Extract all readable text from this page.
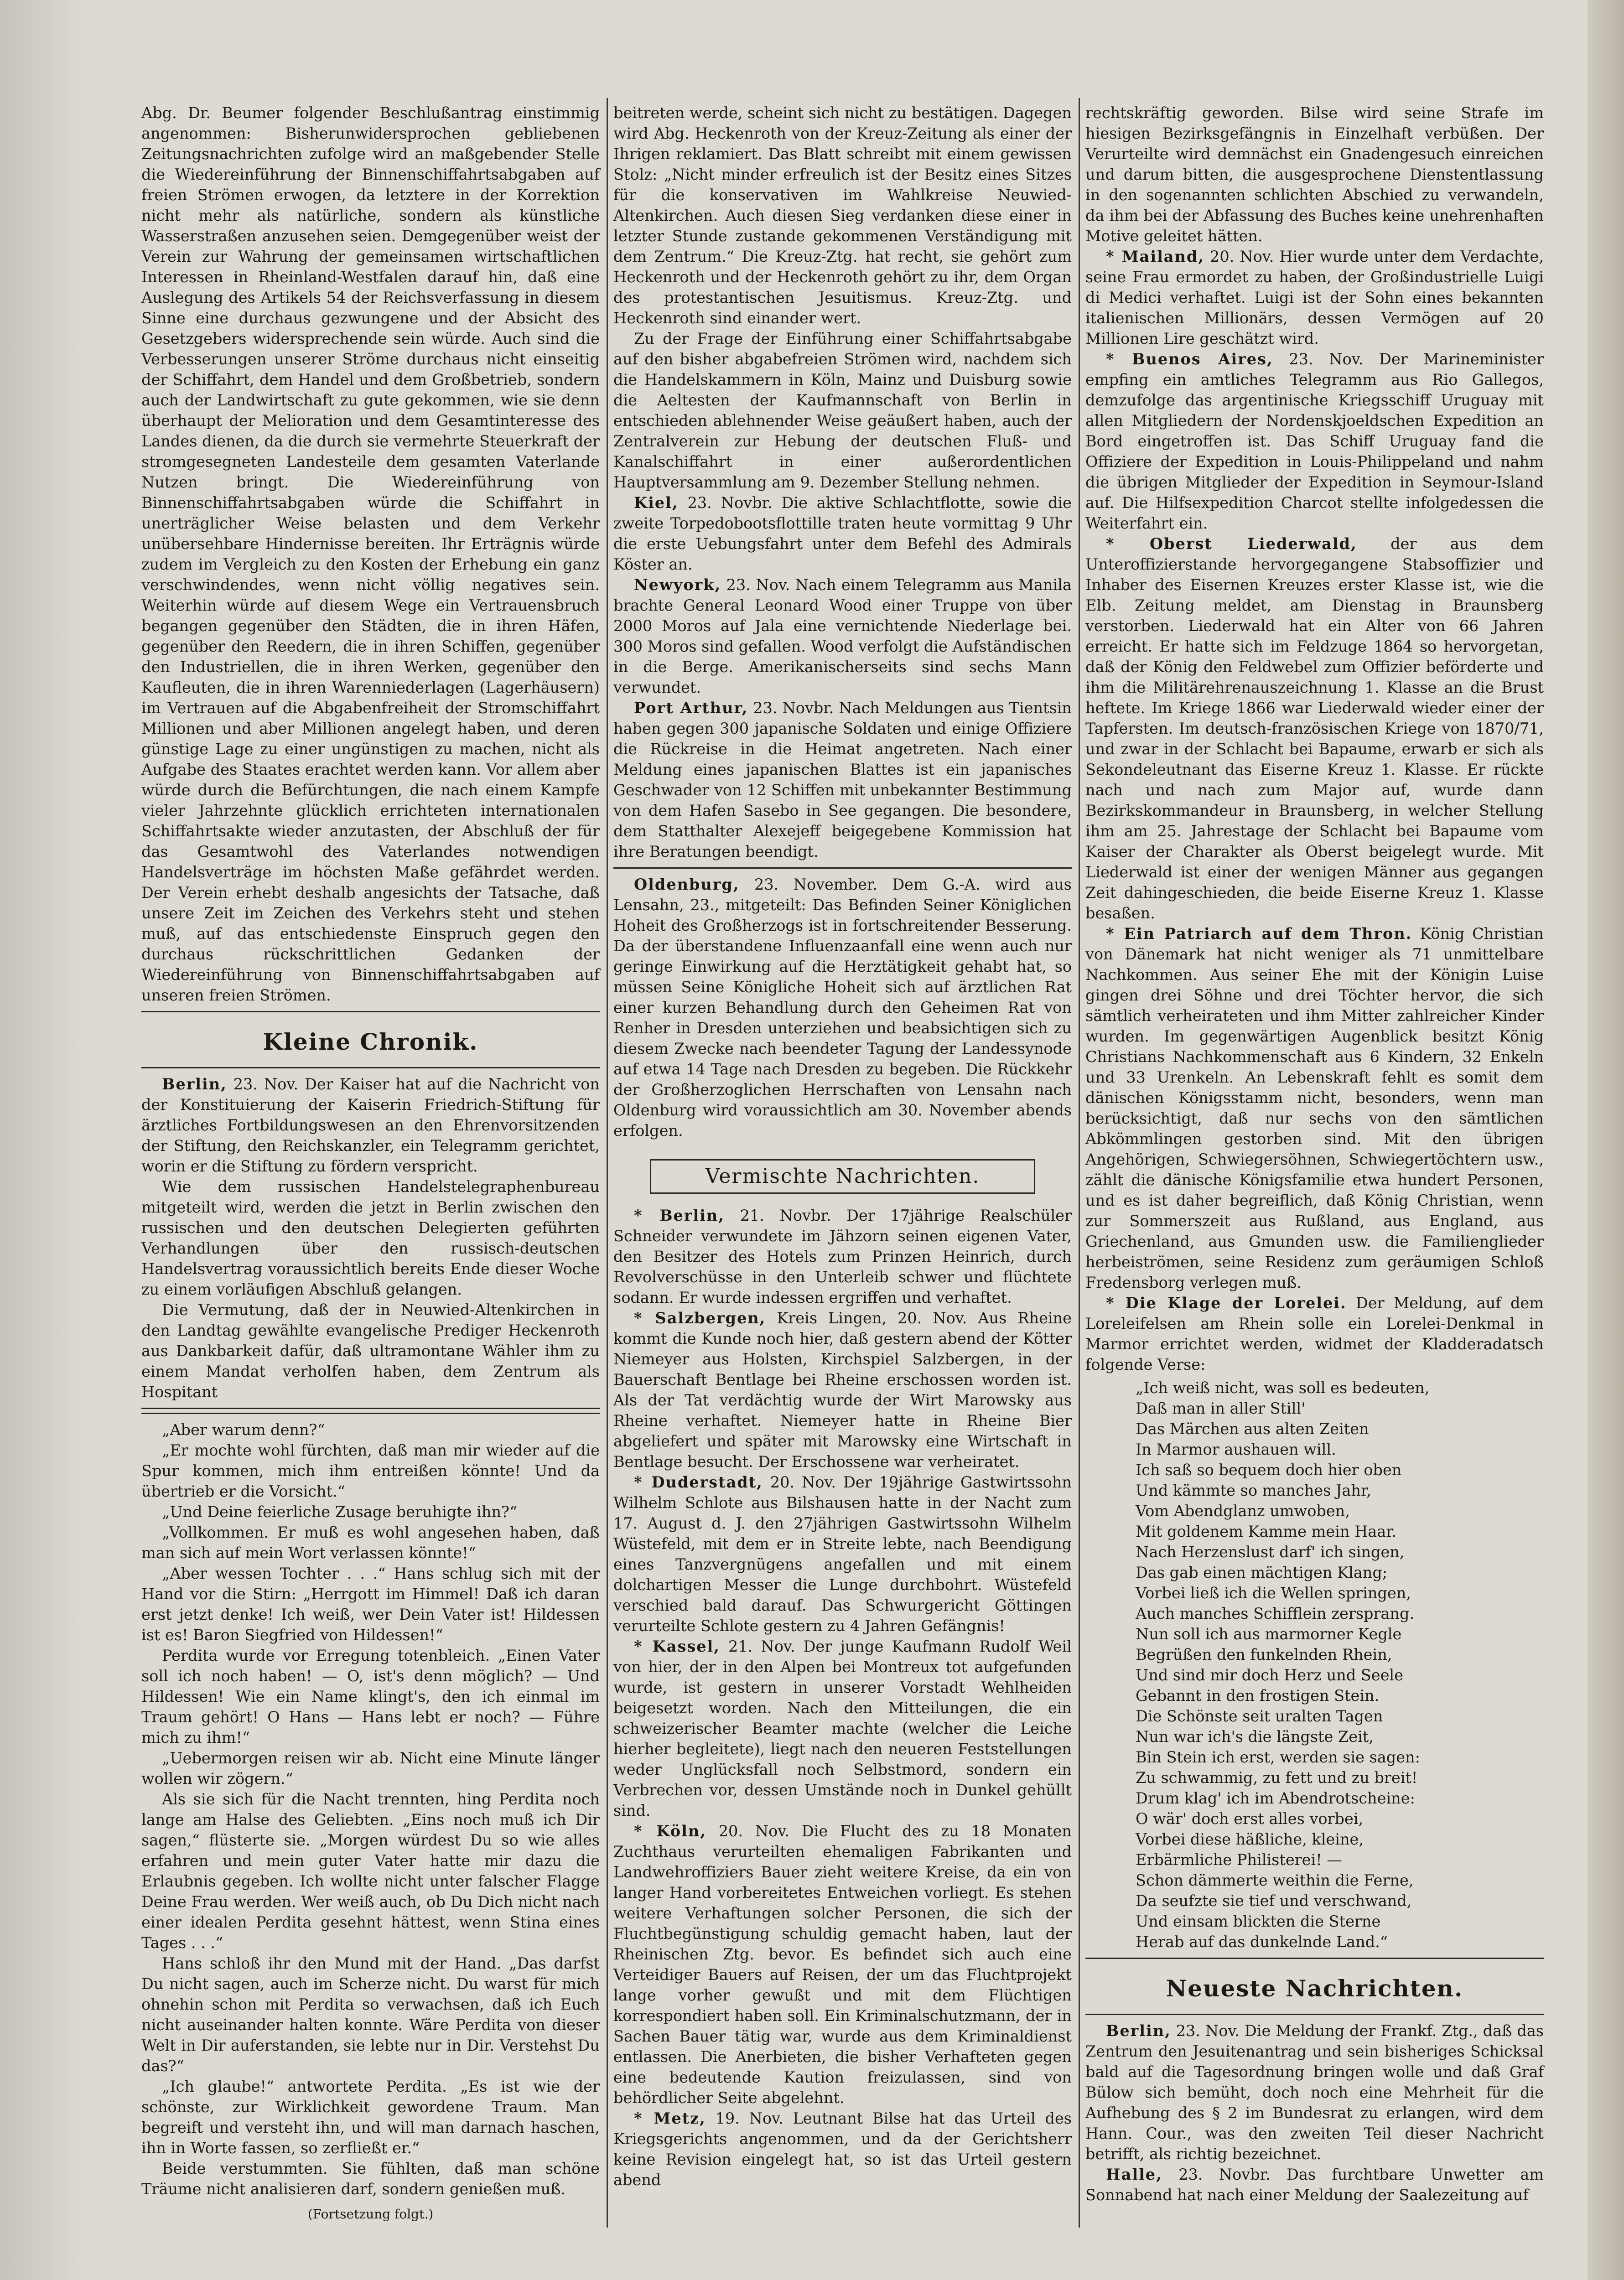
Abg. Dr. Beumer folgender Beschlußantrag einstimmig angenommen: Bisherunwidersprochen gebliebenen Zeitungsnachrichten zufolge wird an maßgebender Stelle die Wiedereinführung der Binnenschiffahrtsabgaben auf freien Strömen erwogen, da letztere in der Korrektion nicht mehr als natürliche, sondern als künstliche Wasserstraßen anzusehen seien. Demgegenüber weist der Verein zur Wahrung der gemeinsamen wirtschaftlichen Interessen in Rheinland-Westfalen darauf hin, daß eine Auslegung des Artikels 54 der Reichsverfassung in diesem Sinne eine durchaus gezwungene und der Absicht des Gesetzgebers widersprechende sein würde. Auch sind die Verbesserungen unserer Ströme durchaus nicht einseitig der Schiffahrt, dem Handel und dem Großbetrieb, sondern auch der Landwirtschaft zu gute gekommen, wie sie denn überhaupt der Melioration und dem Gesamtinteresse des Landes dienen, da die durch sie vermehrte Steuerkraft der stromgesegneten Landesteile dem gesamten Vaterlande Nutzen bringt. Die Wiedereinführung von Binnenschiffahrtsabgaben würde die Schiffahrt in unerträglicher Weise belasten und dem Verkehr unübersehbare Hindernisse bereiten. Ihr Erträgnis würde zudem im Vergleich zu den Kosten der Erhebung ein ganz verschwindendes, wenn nicht völlig negatives sein. Weiterhin würde auf diesem Wege ein Vertrauensbruch begangen gegenüber den Städten, die in ihren Häfen, gegenüber den Reedern, die in ihren Schiffen, gegenüber den Industriellen, die in ihren Werken, gegenüber den Kaufleuten, die in ihren Warenniederlagen (Lagerhäusern) im Vertrauen auf die Abgabenfreiheit der Stromschiffahrt Millionen und aber Millionen angelegt haben, und deren günstige Lage zu einer ungünstigen zu machen, nicht als Aufgabe des Staates erachtet werden kann. Vor allem aber würde durch die Befürchtungen, die nach einem Kampfe vieler Jahrzehnte glücklich errichteten internationalen Schiffahrtsakte wieder anzutasten, der Abschluß der für das Gesamtwohl des Vaterlandes notwendigen Handelsverträge im höchsten Maße gefährdet werden. Der Verein erhebt deshalb angesichts der Tatsache, daß unsere Zeit im Zeichen des Verkehrs steht und stehen muß, auf das entschiedenste Einspruch gegen den durchaus rückschrittlichen Gedanken der Wiedereinführung von Binnenschiffahrtsabgaben auf unseren freien Strömen.

Kleine Chronik.

Berlin, 23. Nov. Der Kaiser hat auf die Nachricht von der Konstituierung der Kaiserin Friedrich-Stiftung für ärztliches Fortbildungswesen an den Ehrenvorsitzenden der Stiftung, den Reichskanzler, ein Telegramm gerichtet, worin er die Stiftung zu fördern verspricht.

Wie dem russischen Handelstelegraphenbureau mitgeteilt wird, werden die jetzt in Berlin zwischen den russischen und den deutschen Delegierten geführten Verhandlungen über den russisch-deutschen Handelsvertrag voraussichtlich bereits Ende dieser Woche zu einem vorläufigen Abschluß gelangen.

Die Vermutung, daß der in Neuwied-Altenkirchen in den Landtag gewählte evangelische Prediger Heckenroth aus Dankbarkeit dafür, daß ultramontane Wähler ihm zu einem Mandat verholfen haben, dem Zentrum als Hospitant

„Aber warum denn?“

„Er mochte wohl fürchten, daß man mir wieder auf die Spur kommen, mich ihm entreißen könnte! Und da übertrieb er die Vorsicht.“

„Und Deine feierliche Zusage beruhigte ihn?“

„Vollkommen. Er muß es wohl angesehen haben, daß man sich auf mein Wort verlassen könnte!“

„Aber wessen Tochter . . .“ Hans schlug sich mit der Hand vor die Stirn: „Herrgott im Himmel! Daß ich daran erst jetzt denke! Ich weiß, wer Dein Vater ist! Hildessen ist es! Baron Siegfried von Hildessen!“

Perdita wurde vor Erregung totenbleich. „Einen Vater soll ich noch haben! — O, ist's denn möglich? — Und Hildessen! Wie ein Name klingt's, den ich einmal im Traum gehört! O Hans — Hans lebt er noch? — Führe mich zu ihm!“

„Uebermorgen reisen wir ab. Nicht eine Minute länger wollen wir zögern.“

Als sie sich für die Nacht trennten, hing Perdita noch lange am Halse des Geliebten. „Eins noch muß ich Dir sagen,“ flüsterte sie. „Morgen würdest Du so wie alles erfahren und mein guter Vater hatte mir dazu die Erlaubnis gegeben. Ich wollte nicht unter falscher Flagge Deine Frau werden. Wer weiß auch, ob Du Dich nicht nach einer idealen Perdita gesehnt hättest, wenn Stina eines Tages . . .“

Hans schloß ihr den Mund mit der Hand. „Das darfst Du nicht sagen, auch im Scherze nicht. Du warst für mich ohnehin schon mit Perdita so verwachsen, daß ich Euch nicht auseinander halten konnte. Wäre Perdita von dieser Welt in Dir auferstanden, sie lebte nur in Dir. Verstehst Du das?“

„Ich glaube!“ antwortete Perdita. „Es ist wie der schönste, zur Wirklichkeit gewordene Traum. Man begreift und versteht ihn, und will man darnach haschen, ihn in Worte fassen, so zerfließt er.“

Beide verstummten. Sie fühlten, daß man schöne Träume nicht analisieren darf, sondern genießen muß.

(Fortsetzung folgt.)

beitreten werde, scheint sich nicht zu bestätigen. Dagegen wird Abg. Heckenroth von der Kreuz-Zeitung als einer der Ihrigen reklamiert. Das Blatt schreibt mit einem gewissen Stolz: „Nicht minder erfreulich ist der Besitz eines Sitzes für die konservativen im Wahlkreise Neuwied-Altenkirchen. Auch diesen Sieg verdanken diese einer in letzter Stunde zustande gekommenen Verständigung mit dem Zentrum.“ Die Kreuz-Ztg. hat recht, sie gehört zum Heckenroth und der Heckenroth gehört zu ihr, dem Organ des protestantischen Jesuitismus. Kreuz-Ztg. und Heckenroth sind einander wert.

Zu der Frage der Einführung einer Schiffahrtsabgabe auf den bisher abgabefreien Strömen wird, nachdem sich die Handelskammern in Köln, Mainz und Duisburg sowie die Aeltesten der Kaufmannschaft von Berlin in entschieden ablehnender Weise geäußert haben, auch der Zentralverein zur Hebung der deutschen Fluß- und Kanalschiffahrt in einer außerordentlichen Hauptversammlung am 9. Dezember Stellung nehmen.

Kiel, 23. Novbr. Die aktive Schlachtflotte, sowie die zweite Torpedobootsflottille traten heute vormittag 9 Uhr die erste Uebungsfahrt unter dem Befehl des Admirals Köster an.

Newyork, 23. Nov. Nach einem Telegramm aus Manila brachte General Leonard Wood einer Truppe von über 2000 Moros auf Jala eine vernichtende Niederlage bei. 300 Moros sind gefallen. Wood verfolgt die Aufständischen in die Berge. Amerikanischerseits sind sechs Mann verwundet.

Port Arthur, 23. Novbr. Nach Meldungen aus Tientsin haben gegen 300 japanische Soldaten und einige Offiziere die Rückreise in die Heimat angetreten. Nach einer Meldung eines japanischen Blattes ist ein japanisches Geschwader von 12 Schiffen mit unbekannter Bestimmung von dem Hafen Sasebo in See gegangen. Die besondere, dem Statthalter Alexejeff beigegebene Kommission hat ihre Beratungen beendigt.

Oldenburg, 23. November. Dem G.-A. wird aus Lensahn, 23., mitgeteilt: Das Befinden Seiner Königlichen Hoheit des Großherzogs ist in fortschreitender Besserung. Da der überstandene Influenzaanfall eine wenn auch nur geringe Einwirkung auf die Herztätigkeit gehabt hat, so müssen Seine Königliche Hoheit sich auf ärztlichen Rat einer kurzen Behandlung durch den Geheimen Rat von Renher in Dresden unterziehen und beabsichtigen sich zu diesem Zwecke nach beendeter Tagung der Landessynode auf etwa 14 Tage nach Dresden zu begeben. Die Rückkehr der Großherzoglichen Herrschaften von Lensahn nach Oldenburg wird voraussichtlich am 30. November abends erfolgen.

Vermischte Nachrichten.

* Berlin, 21. Novbr. Der 17jährige Realschüler Schneider verwundete im Jähzorn seinen eigenen Vater, den Besitzer des Hotels zum Prinzen Heinrich, durch Revolverschüsse in den Unterleib schwer und flüchtete sodann. Er wurde indessen ergriffen und verhaftet.

* Salzbergen, Kreis Lingen, 20. Nov. Aus Rheine kommt die Kunde noch hier, daß gestern abend der Kötter Niemeyer aus Holsten, Kirchspiel Salzbergen, in der Bauerschaft Bentlage bei Rheine erschossen worden ist. Als der Tat verdächtig wurde der Wirt Marowsky aus Rheine verhaftet. Niemeyer hatte in Rheine Bier abgeliefert und später mit Marowsky eine Wirtschaft in Bentlage besucht. Der Erschossene war verheiratet.

* Duderstadt, 20. Nov. Der 19jährige Gastwirtssohn Wilhelm Schlote aus Bilshausen hatte in der Nacht zum 17. August d. J. den 27jährigen Gastwirtssohn Wilhelm Wüstefeld, mit dem er in Streite lebte, nach Beendigung eines Tanzvergnügens angefallen und mit einem dolchartigen Messer die Lunge durchbohrt. Wüstefeld verschied bald darauf. Das Schwurgericht Göttingen verurteilte Schlote gestern zu 4 Jahren Gefängnis!

* Kassel, 21. Nov. Der junge Kaufmann Rudolf Weil von hier, der in den Alpen bei Montreux tot aufgefunden wurde, ist gestern in unserer Vorstadt Wehlheiden beigesetzt worden. Nach den Mitteilungen, die ein schweizerischer Beamter machte (welcher die Leiche hierher begleitete), liegt nach den neueren Feststellungen weder Unglücksfall noch Selbstmord, sondern ein Verbrechen vor, dessen Umstände noch in Dunkel gehüllt sind.

* Köln, 20. Nov. Die Flucht des zu 18 Monaten Zuchthaus verurteilten ehemaligen Fabrikanten und Landwehroffiziers Bauer zieht weitere Kreise, da ein von langer Hand vorbereitetes Entweichen vorliegt. Es stehen weitere Verhaftungen solcher Personen, die sich der Fluchtbegünstigung schuldig gemacht haben, laut der Rheinischen Ztg. bevor. Es befindet sich auch eine Verteidiger Bauers auf Reisen, der um das Fluchtprojekt lange vorher gewußt und mit dem Flüchtigen korrespondiert haben soll. Ein Kriminalschutzmann, der in Sachen Bauer tätig war, wurde aus dem Kriminaldienst entlassen. Die Anerbieten, die bisher Verhafteten gegen eine bedeutende Kaution freizulassen, sind von behördlicher Seite abgelehnt.

* Metz, 19. Nov. Leutnant Bilse hat das Urteil des Kriegsgerichts angenommen, und da der Gerichtsherr keine Revision eingelegt hat, so ist das Urteil gestern abend

rechtskräftig geworden. Bilse wird seine Strafe im hiesigen Bezirksgefängnis in Einzelhaft verbüßen. Der Verurteilte wird demnächst ein Gnadengesuch einreichen und darum bitten, die ausgesprochene Dienstentlassung in den sogenannten schlichten Abschied zu verwandeln, da ihm bei der Abfassung des Buches keine unehrenhaften Motive geleitet hätten.

* Mailand, 20. Nov. Hier wurde unter dem Verdachte, seine Frau ermordet zu haben, der Großindustrielle Luigi di Medici verhaftet. Luigi ist der Sohn eines bekannten italienischen Millionärs, dessen Vermögen auf 20 Millionen Lire geschätzt wird.

* Buenos Aires, 23. Nov. Der Marineminister empfing ein amtliches Telegramm aus Rio Gallegos, demzufolge das argentinische Kriegsschiff Uruguay mit allen Mitgliedern der Nordenskjoeldschen Expedition an Bord eingetroffen ist. Das Schiff Uruguay fand die Offiziere der Expedition in Louis-Philippeland und nahm die übrigen Mitglieder der Expedition in Seymour-Island auf. Die Hilfsexpedition Charcot stellte infolgedessen die Weiterfahrt ein.

* Oberst Liederwald, der aus dem Unteroffizierstande hervorgegangene Stabsoffizier und Inhaber des Eisernen Kreuzes erster Klasse ist, wie die Elb. Zeitung meldet, am Dienstag in Braunsberg verstorben. Liederwald hat ein Alter von 66 Jahren erreicht. Er hatte sich im Feldzuge 1864 so hervorgetan, daß der König den Feldwebel zum Offizier beförderte und ihm die Militärehrenauszeichnung 1. Klasse an die Brust heftete. Im Kriege 1866 war Liederwald wieder einer der Tapfersten. Im deutsch-französischen Kriege von 1870/71, und zwar in der Schlacht bei Bapaume, erwarb er sich als Sekondeleutnant das Eiserne Kreuz 1. Klasse. Er rückte nach und nach zum Major auf, wurde dann Bezirkskommandeur in Braunsberg, in welcher Stellung ihm am 25. Jahrestage der Schlacht bei Bapaume vom Kaiser der Charakter als Oberst beigelegt wurde. Mit Liederwald ist einer der wenigen Männer aus gegangen Zeit dahingeschieden, die beide Eiserne Kreuz 1. Klasse besaßen.

* Ein Patriarch auf dem Thron. König Christian von Dänemark hat nicht weniger als 71 unmittelbare Nachkommen. Aus seiner Ehe mit der Königin Luise gingen drei Söhne und drei Töchter hervor, die sich sämtlich verheirateten und ihm Mitter zahlreicher Kinder wurden. Im gegenwärtigen Augenblick besitzt König Christians Nachkommenschaft aus 6 Kindern, 32 Enkeln und 33 Urenkeln. An Lebenskraft fehlt es somit dem dänischen Königsstamm nicht, besonders, wenn man berücksichtigt, daß nur sechs von den sämtlichen Abkömmlingen gestorben sind. Mit den übrigen Angehörigen, Schwiegersöhnen, Schwiegertöchtern usw., zählt die dänische Königsfamilie etwa hundert Personen, und es ist daher begreiflich, daß König Christian, wenn zur Sommerszeit aus Rußland, aus England, aus Griechenland, aus Gmunden usw. die Familienglieder herbeiströmen, seine Residenz zum geräumigen Schloß Fredensborg verlegen muß.

* Die Klage der Lorelei. Der Meldung, auf dem Loreleifelsen am Rhein solle ein Lorelei-Denkmal in Marmor errichtet werden, widmet der Kladderadatsch folgende Verse:

„Ich weiß nicht, was soll es bedeuten,
Daß man in aller Still'
Das Märchen aus alten Zeiten
In Marmor aushauen will.
Ich saß so bequem doch hier oben
Und kämmte so manches Jahr,
Vom Abendglanz umwoben,
Mit goldenem Kamme mein Haar.
Nach Herzenslust darf' ich singen,
Das gab einen mächtigen Klang;
Vorbei ließ ich die Wellen springen,
Auch manches Schifflein zersprang.
Nun soll ich aus marmorner Kegle
Begrüßen den funkelnden Rhein,
Und sind mir doch Herz und Seele
Gebannt in den frostigen Stein.
Die Schönste seit uralten Tagen
Nun war ich's die längste Zeit,
Bin Stein ich erst, werden sie sagen:
Zu schwammig, zu fett und zu breit!
Drum klag' ich im Abendrotscheine:
O wär' doch erst alles vorbei,
Vorbei diese häßliche, kleine,
Erbärmliche Philisterei! —
Schon dämmerte weithin die Ferne,
Da seufzte sie tief und verschwand,
Und einsam blickten die Sterne
Herab auf das dunkelnde Land.“
Neueste Nachrichten.

Berlin, 23. Nov. Die Meldung der Frankf. Ztg., daß das Zentrum den Jesuitenantrag und sein bisheriges Schicksal bald auf die Tagesordnung bringen wolle und daß Graf Bülow sich bemüht, doch noch eine Mehrheit für die Aufhebung des § 2 im Bundesrat zu erlangen, wird dem Hann. Cour., was den zweiten Teil dieser Nachricht betrifft, als richtig bezeichnet.

Halle, 23. Novbr. Das furchtbare Unwetter am Sonnabend hat nach einer Meldung der Saalezeitung auf
